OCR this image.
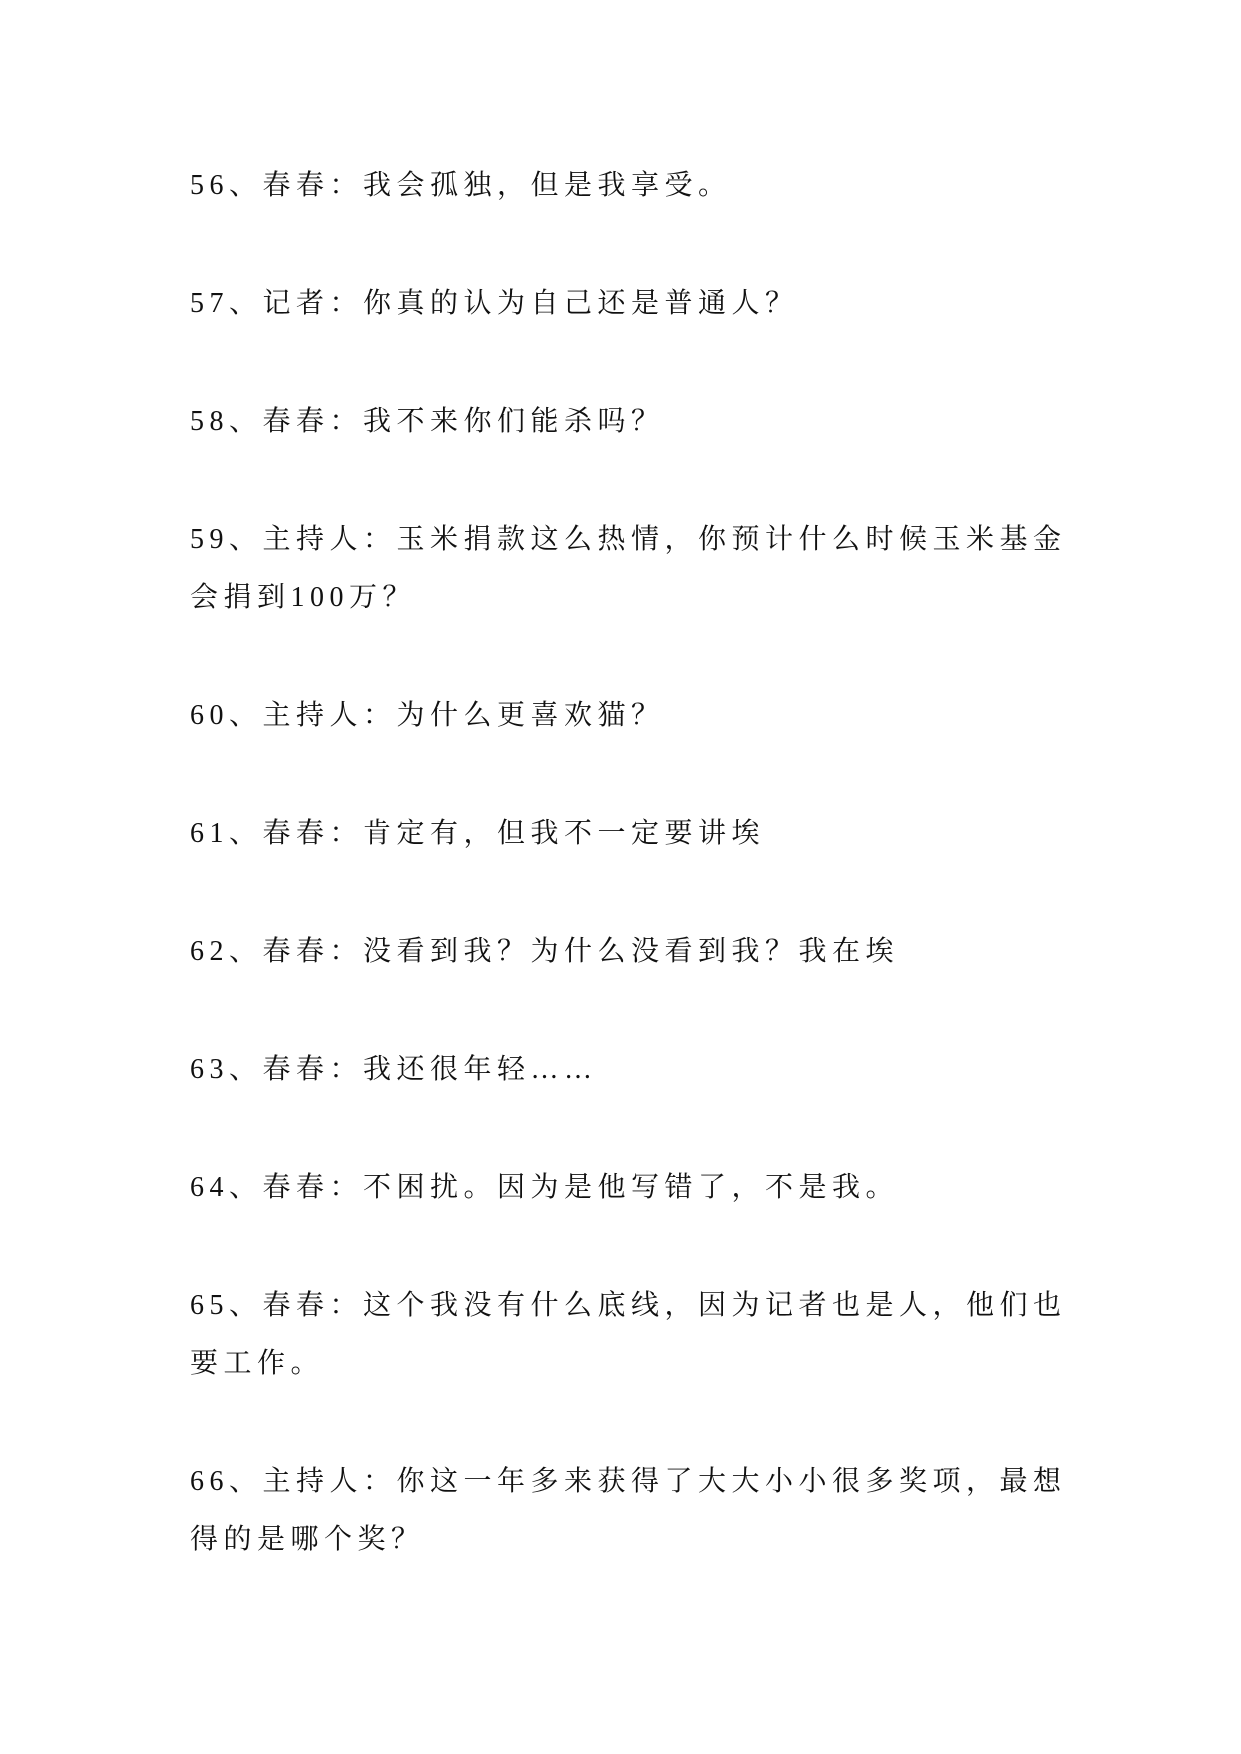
56、春春：我会孤独，但是我享受。

57、记者：你真的认为自己还是普通人？

58、春春：我不来你们能杀吗？

59、主持人：玉米捐款这么热情，你预计什么时候玉米基金会捐到100万？

60、主持人：为什么更喜欢猫？

61、春春：肯定有，但我不一定要讲埃

62、春春：没看到我？为什么没看到我？我在埃

63、春春：我还很年轻……

64、春春：不困扰。因为是他写错了，不是我。

65、春春：这个我没有什么底线，因为记者也是人，他们也要工作。

66、主持人：你这一年多来获得了大大小小很多奖项，最想得的是哪个奖？
